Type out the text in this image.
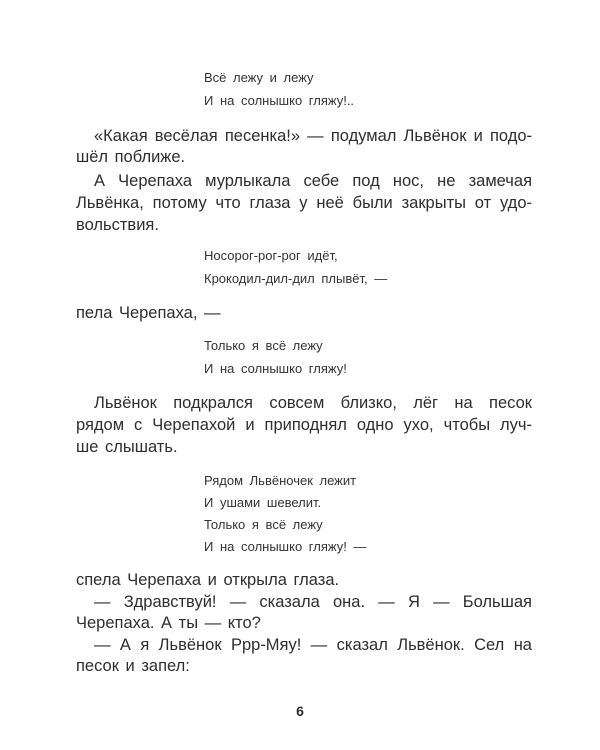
Всё лежу и лежу
И на солнышко гляжу!..
«Какая весёлая песенка!» — подумал Львёнок и подо-
шёл поближе.
А Черепаха мурлыкала себе под нос, не замечая
Львёнка, потому что глаза у неё были закрыты от удо-
вольствия.
Носорог-рог-рог идёт,
Крокодил-дил-дил плывёт, —
пела Черепаха, —
Только я всё лежу
И на солнышко гляжу!
Львёнок подкрался совсем близко, лёг на песок
рядом с Черепахой и приподнял одно ухо, чтобы луч-
ше слышать.
Рядом Львёночек лежит
И ушами шевелит.
Только я всё лежу
И на солнышко гляжу! —
спела Черепаха и открыла глаза.
— Здравствуй! — сказала она. — Я — Большая
Черепаха. А ты — кто?
— А я Львёнок Ррр-Мяу! — сказал Львёнок. Сел на
песок и запел:
6
